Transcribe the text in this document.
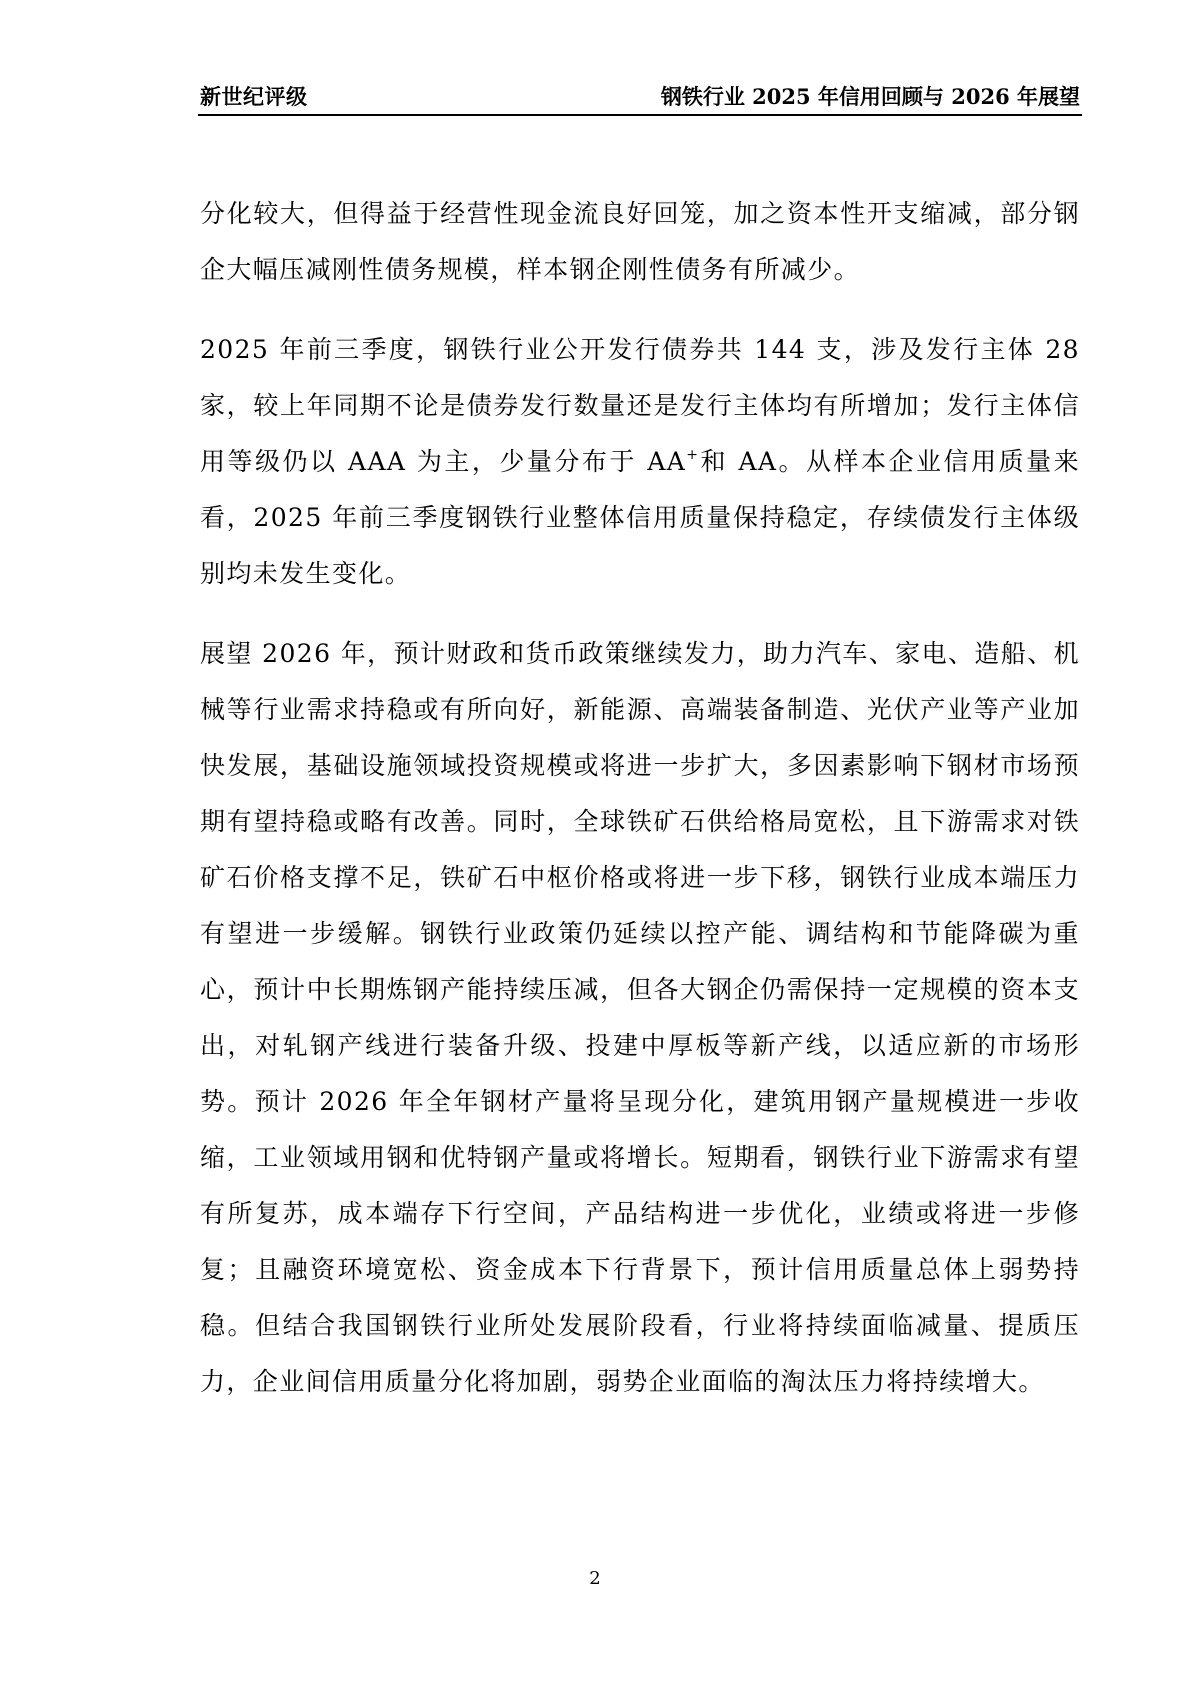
新世纪评级	钢铁行业 2025 年信用回顾与 2026 年展望

分化较大，但得益于经营性现金流良好回笼，加之资本性开支缩减，部分钢企大幅压减刚性债务规模，样本钢企刚性债务有所减少。

2025 年前三季度，钢铁行业公开发行债券共 144 支，涉及发行主体 28 家，较上年同期不论是债券发行数量还是发行主体均有所增加；发行主体信用等级仍以 AAA 为主，少量分布于 AA+和 AA。从样本企业信用质量来看，2025 年前三季度钢铁行业整体信用质量保持稳定，存续债发行主体级别均未发生变化。

展望 2026 年，预计财政和货币政策继续发力，助力汽车、家电、造船、机械等行业需求持稳或有所向好，新能源、高端装备制造、光伏产业等产业加快发展，基础设施领域投资规模或将进一步扩大，多因素影响下钢材市场预期有望持稳或略有改善。同时，全球铁矿石供给格局宽松，且下游需求对铁矿石价格支撑不足，铁矿石中枢价格或将进一步下移，钢铁行业成本端压力有望进一步缓解。钢铁行业政策仍延续以控产能、调结构和节能降碳为重心，预计中长期炼钢产能持续压减，但各大钢企仍需保持一定规模的资本支出，对轧钢产线进行装备升级、投建中厚板等新产线，以适应新的市场形势。预计 2026 年全年钢材产量将呈现分化，建筑用钢产量规模进一步收缩，工业领域用钢和优特钢产量或将增长。短期看，钢铁行业下游需求有望有所复苏，成本端存下行空间，产品结构进一步优化，业绩或将进一步修复；且融资环境宽松、资金成本下行背景下，预计信用质量总体上弱势持稳。但结合我国钢铁行业所处发展阶段看，行业将持续面临减量、提质压力，企业间信用质量分化将加剧，弱势企业面临的淘汰压力将持续增大。

2
